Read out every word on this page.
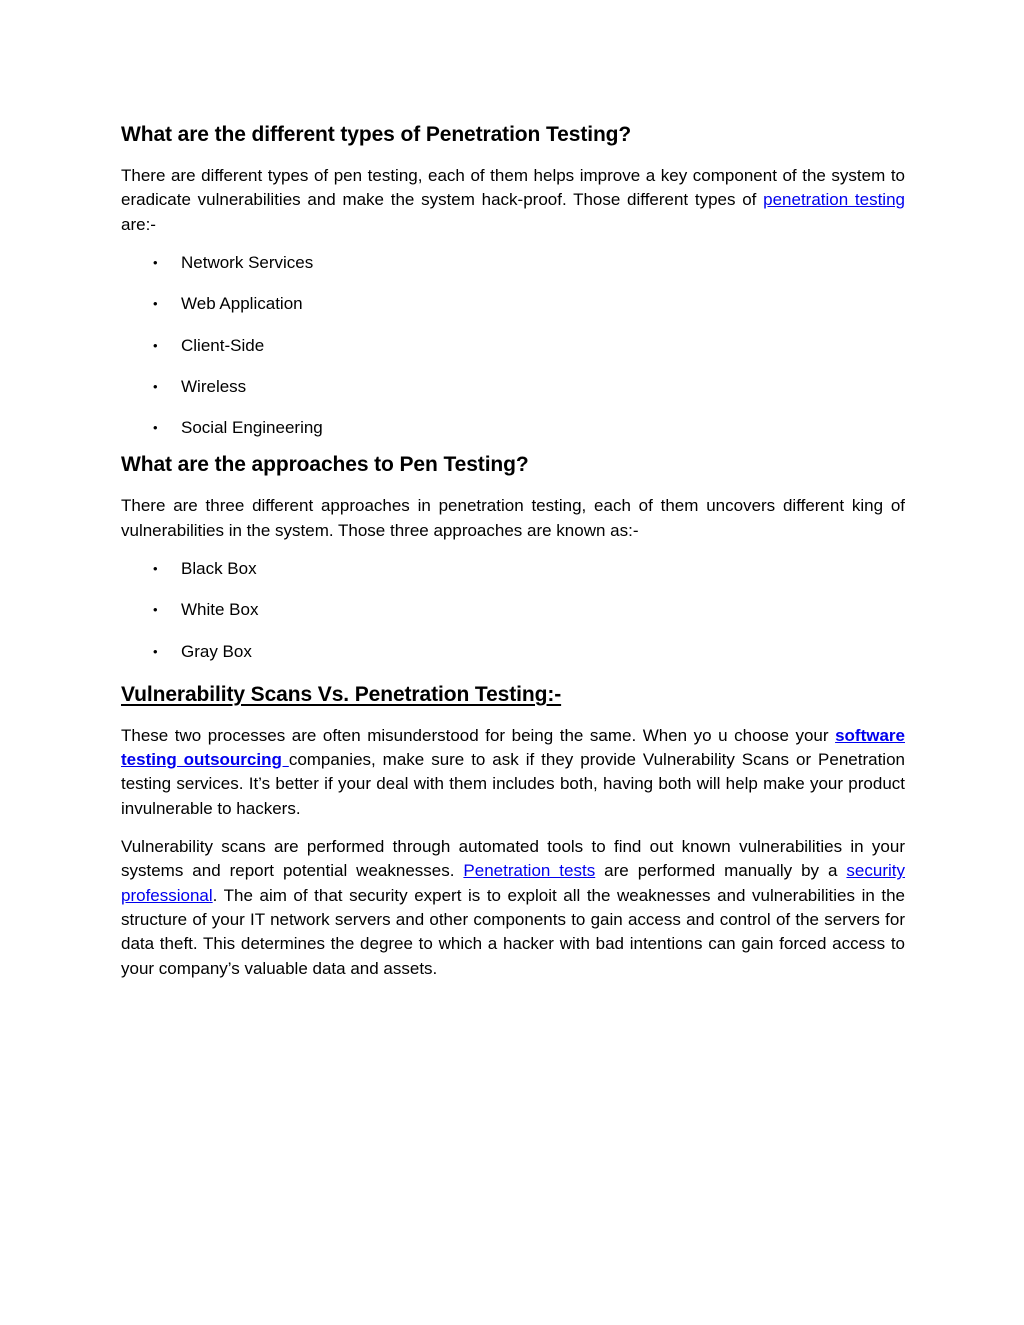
What are the different types of Penetration Testing?

There are different types of pen testing, each of them helps improve a key component of the system to eradicate vulnerabilities and make the system hack-proof. Those different types of penetration testing are:-

• Network Services
• Web Application
• Client-Side
• Wireless
• Social Engineering
What are the approaches to Pen Testing?

There are three different approaches in penetration testing, each of them uncovers different king of vulnerabilities in the system. Those three approaches are known as:-

• Black Box
• White Box
• Gray Box
Vulnerability Scans Vs. Penetration Testing:-

These two processes are often misunderstood for being the same. When yo u choose your software testing outsourcing companies, make sure to ask if they provide Vulnerability Scans or Penetration testing services. It’s better if your deal with them includes both, having both will help make your product invulnerable to hackers.

Vulnerability scans are performed through automated tools to find out known vulnerabilities in your systems and report potential weaknesses. Penetration tests are performed manually by a security professional. The aim of that security expert is to exploit all the weaknesses and vulnerabilities in the structure of your IT network servers and other components to gain access and control of the servers for data theft. This determines the degree to which a hacker with bad intentions can gain forced access to your company’s valuable data and assets.
